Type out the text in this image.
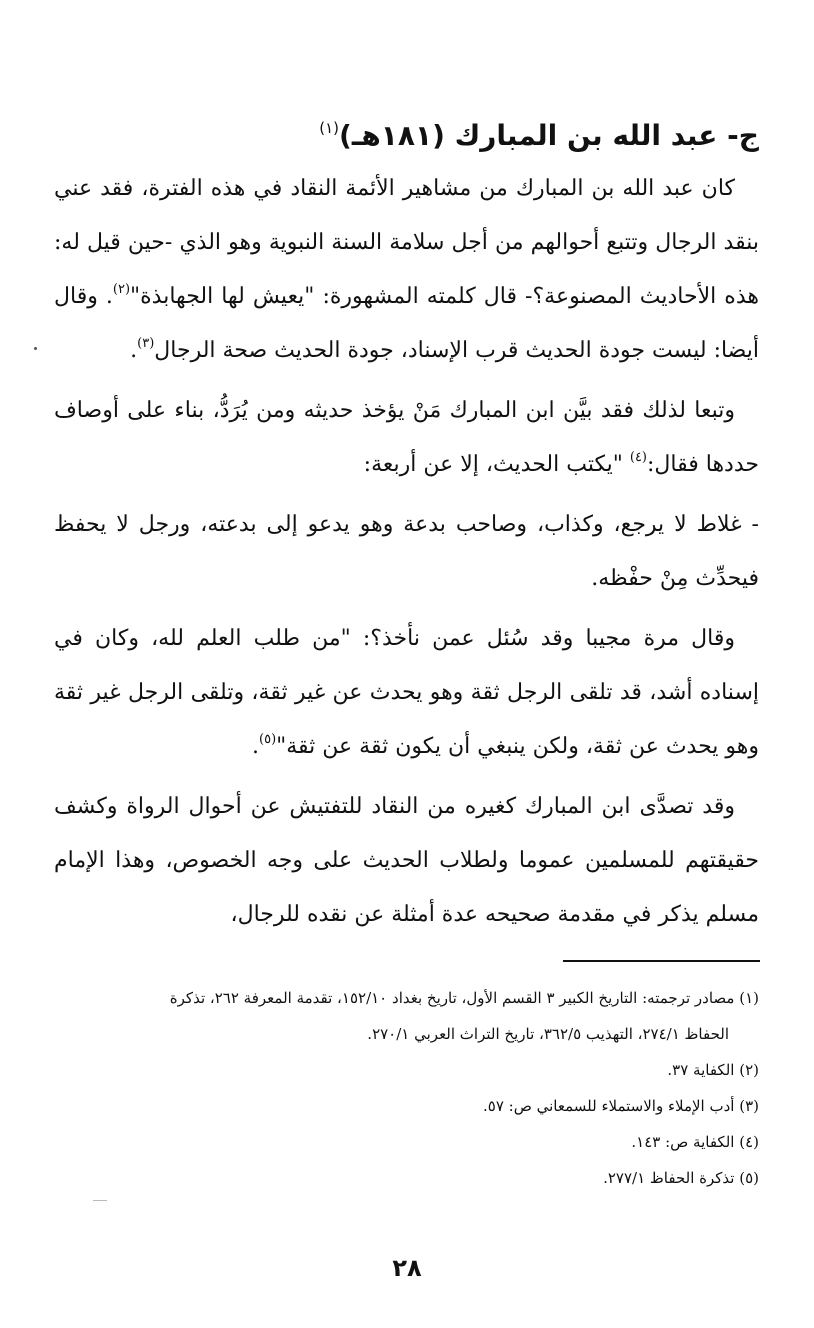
ج- عبد الله بن المبارك (١٨١هـ)$^{(١)}$

كان عبد الله بن المبارك من مشاهير الأئمة النقاد في هذه الفترة، فقد عني بنقد الرجال وتتبع أحوالهم من أجل سلامة السنة النبوية وهو الذي -حين قيل له: هذه الأحاديث المصنوعة؟- قال كلمته المشهورة: "يعيش لها الجهابذة"$^{(٢)}$. وقال أيضا: ليست جودة الحديث قرب الإسناد، جودة الحديث صحة الرجال$^{(٣)}$.

وتبعا لذلك فقد بيَّن ابن المبارك مَنْ يؤخذ حديثه ومن يُرَدُّ، بناء على أوصاف حددها فقال:$^{(٤)}$ "يكتب الحديث، إلا عن أربعة:

- غلاط لا يرجع، وكذاب، وصاحب بدعة وهو يدعو إلى بدعته، ورجل لا يحفظ فيحدِّث مِنْ حفْظه.

وقال مرة مجيبا وقد سُئل عمن نأخذ؟: "من طلب العلم لله، وكان في إسناده أشد، قد تلقى الرجل ثقة وهو يحدث عن غير ثقة، وتلقى الرجل غير ثقة وهو يحدث عن ثقة، ولكن ينبغي أن يكون ثقة عن ثقة"$^{(٥)}$.

وقد تصدَّى ابن المبارك كغيره من النقاد للتفتيش عن أحوال الرواة وكشف حقيقتهم للمسلمين عموما ولطلاب الحديث على وجه الخصوص، وهذا الإمام مسلم يذكر في مقدمة صحيحه عدة أمثلة عن نقده للرجال،

(١) مصادر ترجمته: التاريخ الكبير ٣ القسم الأول، تاريخ بغداد ١٥٢/١٠، تقدمة المعرفة ٢٦٢، تذكرة

الحفاظ ٢٧٤/١، التهذيب ٣٦٢/٥، تاريخ التراث العربي ٢٧٠/١.

(٢) الكفاية ٣٧.

(٣) أدب الإملاء والاستملاء للسمعاني ص: ٥٧.

(٤) الكفاية ص: ١٤٣.

(٥) تذكرة الحفاظ ٢٧٧/١.

٢٨
